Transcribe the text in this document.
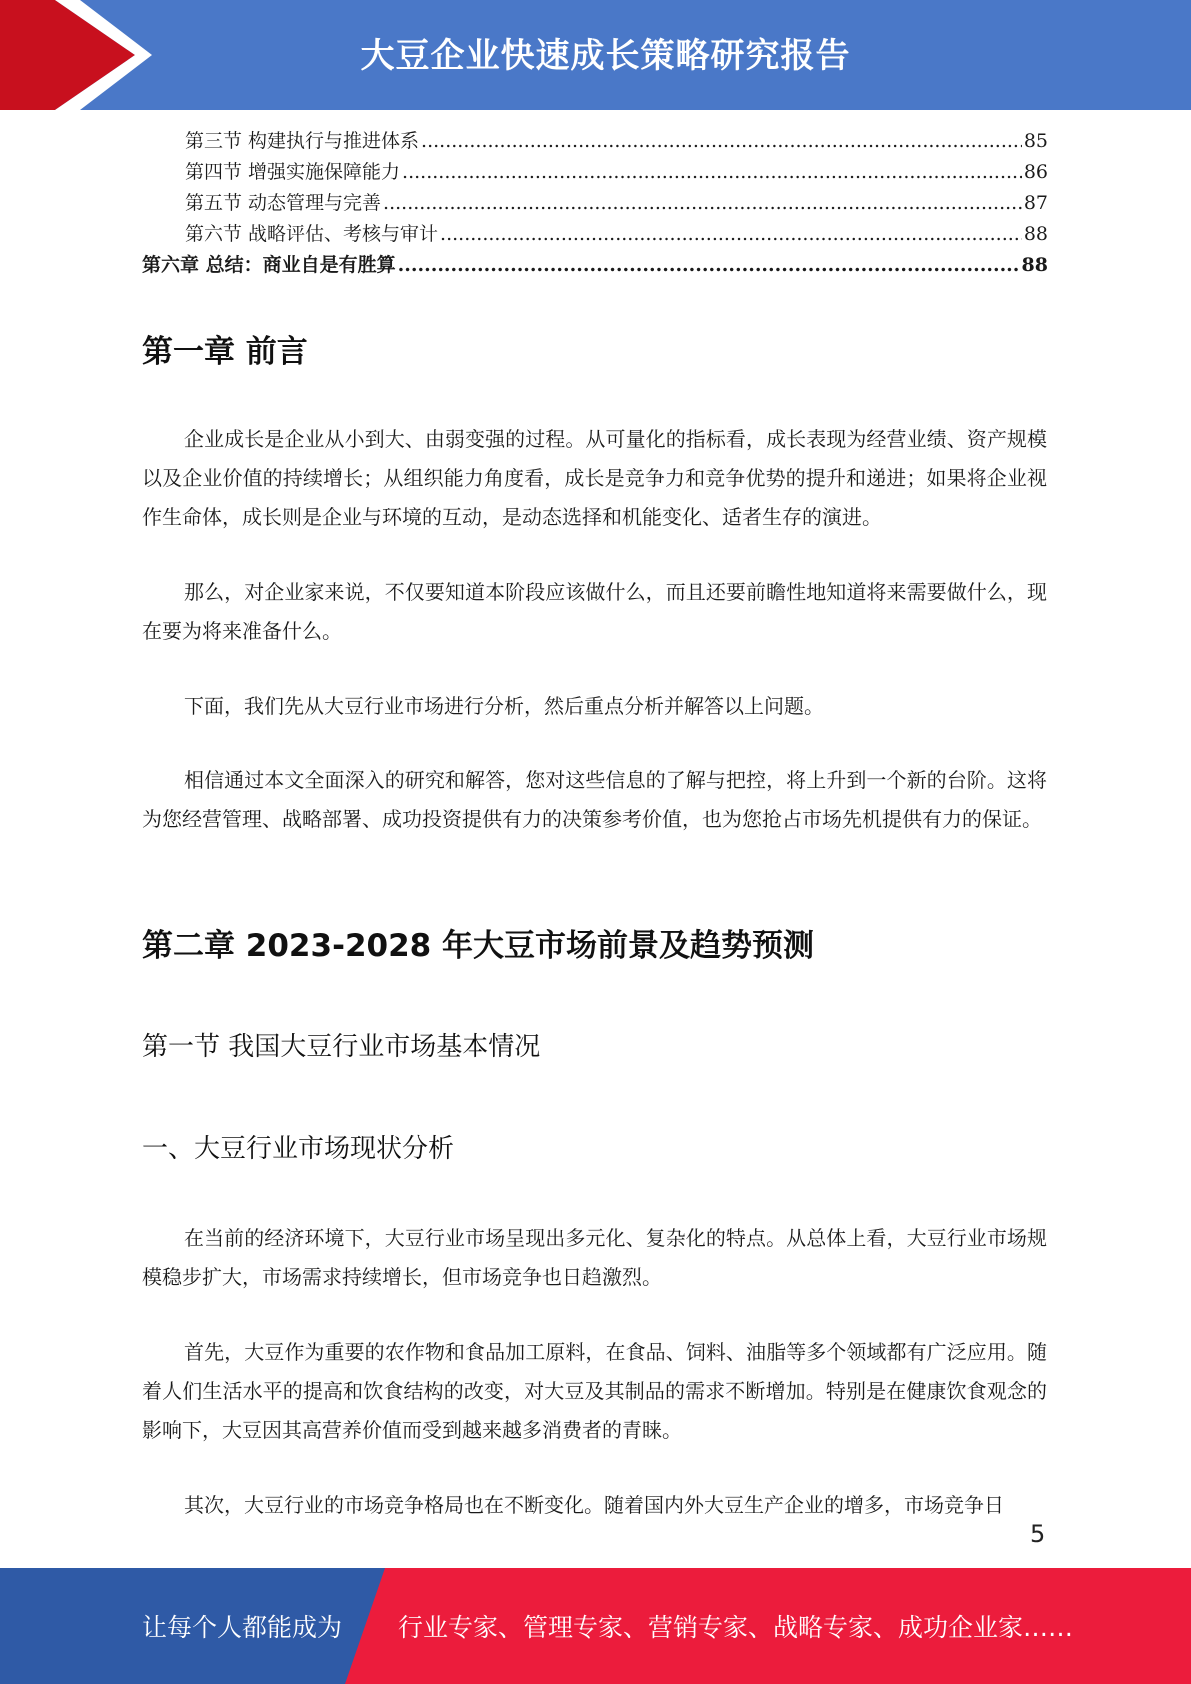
大豆企业快速成长策略研究报告
第三节 构建执行与推进体系 .....	85
第四节 增强实施保障能力 .....	86
第五节 动态管理与完善 .....	87
第六节 战略评估、考核与审计 .....	88
第六章 总结：商业自是有胜算 .....	88
第一章 前言

企业成长是企业从小到大、由弱变强的过程。从可量化的指标看，成长表现为经营业绩、资产规模以及企业价值的持续增长；从组织能力角度看，成长是竞争力和竞争优势的提升和递进；如果将企业视作生命体，成长则是企业与环境的互动，是动态选择和机能变化、适者生存的演进。

那么，对企业家来说，不仅要知道本阶段应该做什么，而且还要前瞻性地知道将来需要做什么，现在要为将来准备什么。

下面，我们先从大豆行业市场进行分析，然后重点分析并解答以上问题。

相信通过本文全面深入的研究和解答，您对这些信息的了解与把控，将上升到一个新的台阶。这将为您经营管理、战略部署、成功投资提供有力的决策参考价值，也为您抢占市场先机提供有力的保证。

第二章 2023-2028 年大豆市场前景及趋势预测
第一节 我国大豆行业市场基本情况
一、大豆行业市场现状分析

在当前的经济环境下，大豆行业市场呈现出多元化、复杂化的特点。从总体上看，大豆行业市场规模稳步扩大，市场需求持续增长，但市场竞争也日趋激烈。

首先，大豆作为重要的农作物和食品加工原料，在食品、饲料、油脂等多个领域都有广泛应用。随着人们生活水平的提高和饮食结构的改变，对大豆及其制品的需求不断增加。特别是在健康饮食观念的影响下，大豆因其高营养价值而受到越来越多消费者的青睐。

其次，大豆行业的市场竞争格局也在不断变化。随着国内外大豆生产企业的增多，市场竞争日

5
让每个人都能成为 行业专家、管理专家、营销专家、战略专家、成功企业家……
